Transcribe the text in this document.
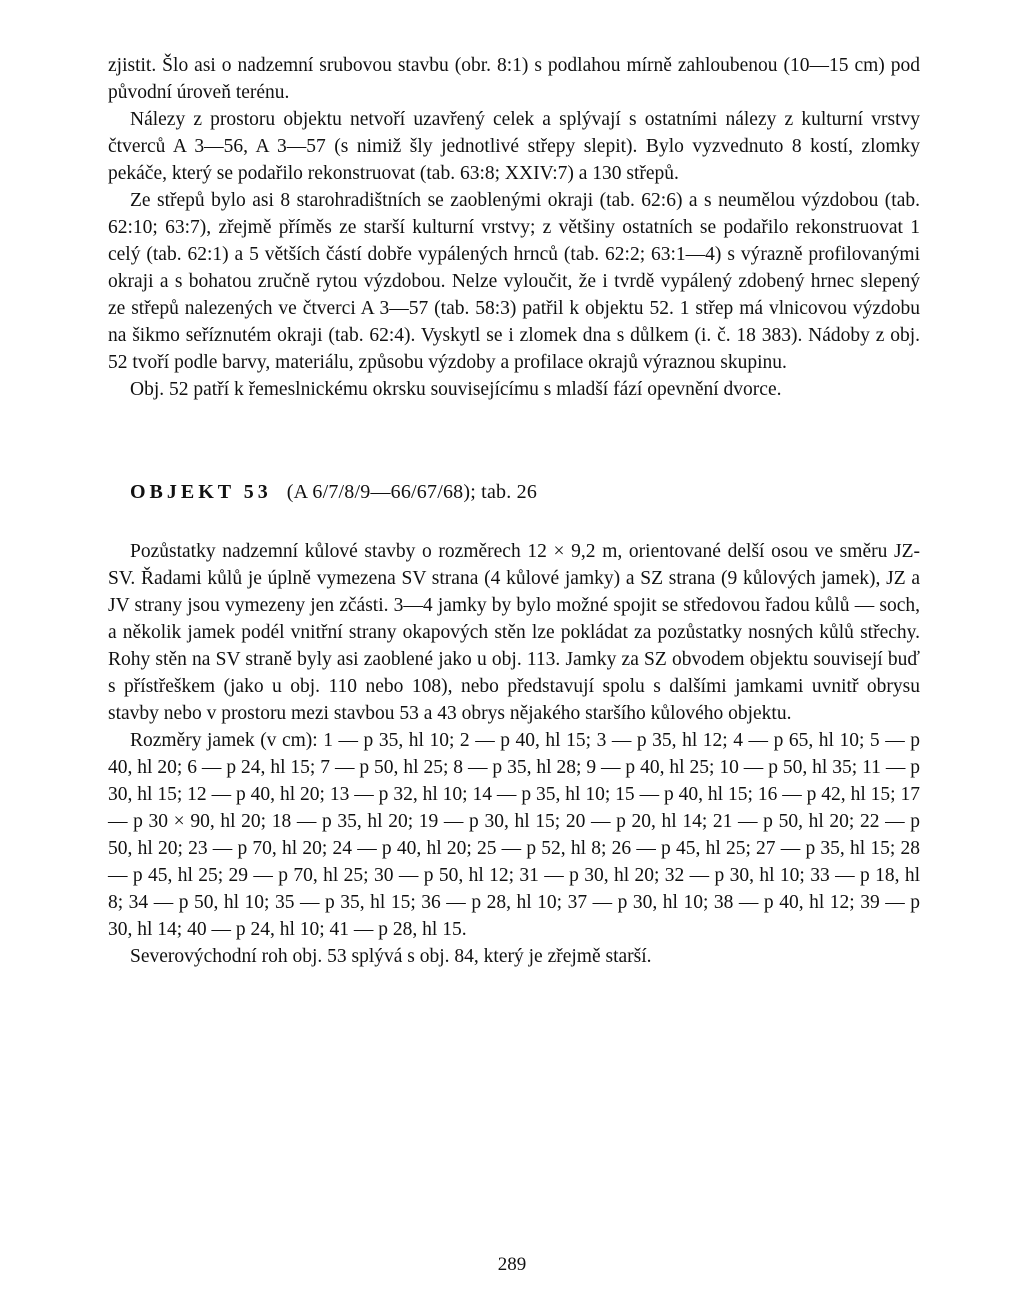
zjistit. Šlo asi o nadzemní srubovou stavbu (obr. 8:1) s podlahou mírně zahloubenou (10—15 cm) pod původní úroveň terénu.

Nálezy z prostoru objektu netvoří uzavřený celek a splývají s ostatními nálezy z kulturní vrstvy čtverců A 3—56, A 3—57 (s nimiž šly jednotlivé střepy slepit). Bylo vyzvednuto 8 kostí, zlomky pekáče, který se podařilo rekonstruovat (tab. 63:8; XXIV:7) a 130 střepů.

Ze střepů bylo asi 8 starohradištních se zaoblenými okraji (tab. 62:6) a s neumělou výzdobou (tab. 62:10; 63:7), zřejmě příměs ze starší kulturní vrstvy; z většiny ostatních se podařilo rekonstruovat 1 celý (tab. 62:1) a 5 větších částí dobře vypálených hrnců (tab. 62:2; 63:1—4) s výrazně profilovanými okraji a s bohatou zručně rytou výzdobou. Nelze vyloučit, že i tvrdě vypálený zdobený hrnec slepený ze střepů nalezených ve čtverci A 3—57 (tab. 58:3) patřil k objektu 52. 1 střep má vlnicovou výzdobu na šikmo seříznutém okraji (tab. 62:4). Vyskytl se i zlomek dna s důlkem (i. č. 18 383). Nádoby z obj. 52 tvoří podle barvy, materiálu, způsobu výzdoby a profilace okrajů výraznou skupinu.

Obj. 52 patří k řemeslnickému okrsku souvisejícímu s mladší fází opevnění dvorce.

OBJEKT 53 (A 6/7/8/9—66/67/68); tab. 26

Pozůstatky nadzemní kůlové stavby o rozměrech 12 × 9,2 m, orientované delší osou ve směru JZ-SV. Řadami kůlů je úplně vymezena SV strana (4 kůlové jamky) a SZ strana (9 kůlových jamek), JZ a JV strany jsou vymezeny jen zčásti. 3—4 jamky by bylo možné spojit se středovou řadou kůlů — soch, a několik jamek podél vnitřní strany okapových stěn lze pokládat za pozůstatky nosných kůlů střechy. Rohy stěn na SV straně byly asi zaoblené jako u obj. 113. Jamky za SZ obvodem objektu souvisejí buď s přístřeškem (jako u obj. 110 nebo 108), nebo představují spolu s dalšími jamkami uvnitř obrysu stavby nebo v prostoru mezi stavbou 53 a 43 obrys nějakého staršího kůlového objektu.

Rozměry jamek (v cm): 1 — p 35, hl 10; 2 — p 40, hl 15; 3 — p 35, hl 12; 4 — p 65, hl 10; 5 — p 40, hl 20; 6 — p 24, hl 15; 7 — p 50, hl 25; 8 — p 35, hl 28; 9 — p 40, hl 25; 10 — p 50, hl 35; 11 — p 30, hl 15; 12 — p 40, hl 20; 13 — p 32, hl 10; 14 — p 35, hl 10; 15 — p 40, hl 15; 16 — p 42, hl 15; 17 — p 30 × 90, hl 20; 18 — p 35, hl 20; 19 — p 30, hl 15; 20 — p 20, hl 14; 21 — p 50, hl 20; 22 — p 50, hl 20; 23 — p 70, hl 20; 24 — p 40, hl 20; 25 — p 52, hl 8; 26 — p 45, hl 25; 27 — p 35, hl 15; 28 — p 45, hl 25; 29 — p 70, hl 25; 30 — p 50, hl 12; 31 — p 30, hl 20; 32 — p 30, hl 10; 33 — p 18, hl 8; 34 — p 50, hl 10; 35 — p 35, hl 15; 36 — p 28, hl 10; 37 — p 30, hl 10; 38 — p 40, hl 12; 39 — p 30, hl 14; 40 — p 24, hl 10; 41 — p 28, hl 15.

Severovýchodní roh obj. 53 splývá s obj. 84, který je zřejmě starší.

289
